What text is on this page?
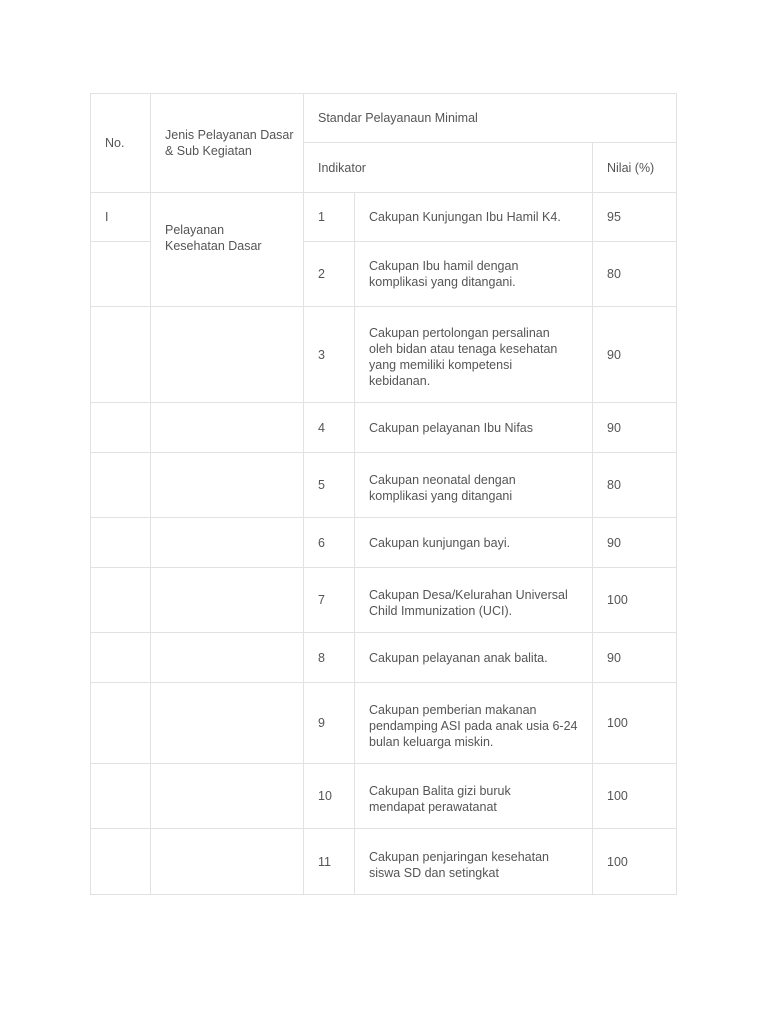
No.	Jenis Pelayanan Dasar & Sub Kegiatan	Standar Pelayanaun Minimal		
		Indikator		Nilai (%)
I	Pelayanan Kesehatan Dasar	1	Cakupan Kunjungan Ibu Hamil K4.	95
		2	Cakupan Ibu hamil dengan komplikasi yang ditangani.	80
		3	Cakupan pertolongan persalinan oleh bidan atau tenaga kesehatan yang memiliki kompetensi kebidanan.	90
		4	Cakupan pelayanan Ibu Nifas	90
		5	Cakupan neonatal dengan komplikasi yang ditangani	80
		6	Cakupan kunjungan bayi.	90
		7	Cakupan Desa/Kelurahan Universal Child Immunization (UCI).	100
		8	Cakupan pelayanan anak balita.	90
		9	Cakupan pemberian makanan pendamping ASI pada anak usia 6-24 bulan keluarga miskin.	100
		10	Cakupan Balita gizi buruk mendapat perawatanat	100
		11	Cakupan penjaringan kesehatan siswa SD dan setingkat	100
